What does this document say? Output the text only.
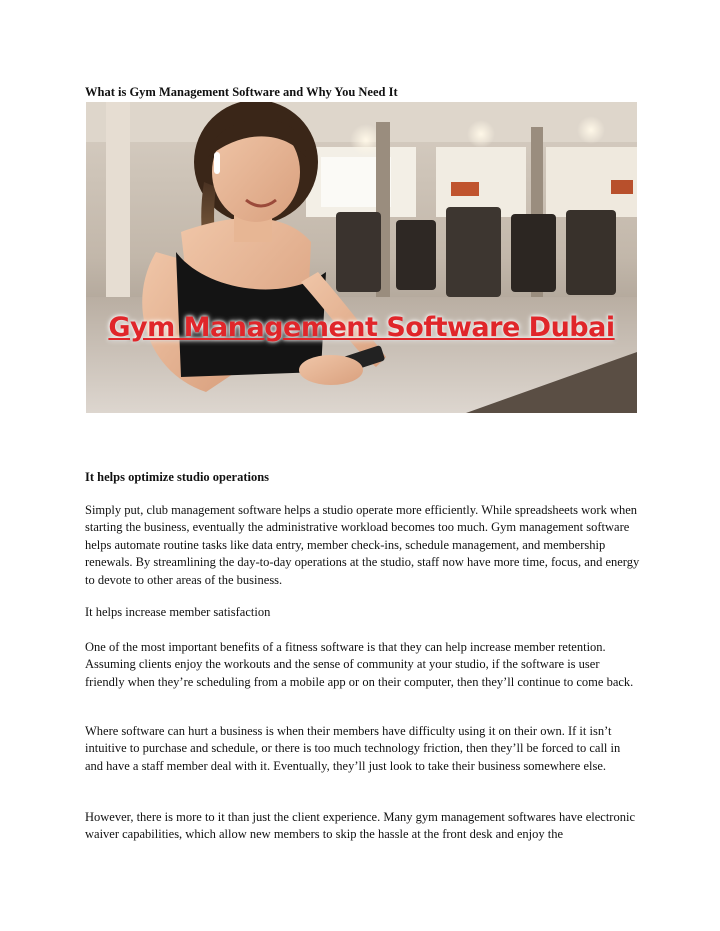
What is Gym Management Software and Why You Need It
Gym Management Software Dubai
It helps optimize studio operations

Simply put, club management software helps a studio operate more efficiently. While spreadsheets work when starting the business, eventually the administrative workload becomes too much. Gym management software helps automate routine tasks like data entry, member check-ins, schedule management, and membership renewals. By streamlining the day-to-day operations at the studio, staff now have more time, focus, and energy to devote to other areas of the business.

It helps increase member satisfaction

One of the most important benefits of a fitness software is that they can help increase member retention. Assuming clients enjoy the workouts and the sense of community at your studio, if the software is user friendly when they’re scheduling from a mobile app or on their computer, then they’ll continue to come back.

Where software can hurt a business is when their members have difficulty using it on their own. If it isn’t intuitive to purchase and schedule, or there is too much technology friction, then they’ll be forced to call in and have a staff member deal with it. Eventually, they’ll just look to take their business somewhere else.

However, there is more to it than just the client experience. Many gym management softwares have electronic waiver capabilities, which allow new members to skip the hassle at the front desk and enjoy the
